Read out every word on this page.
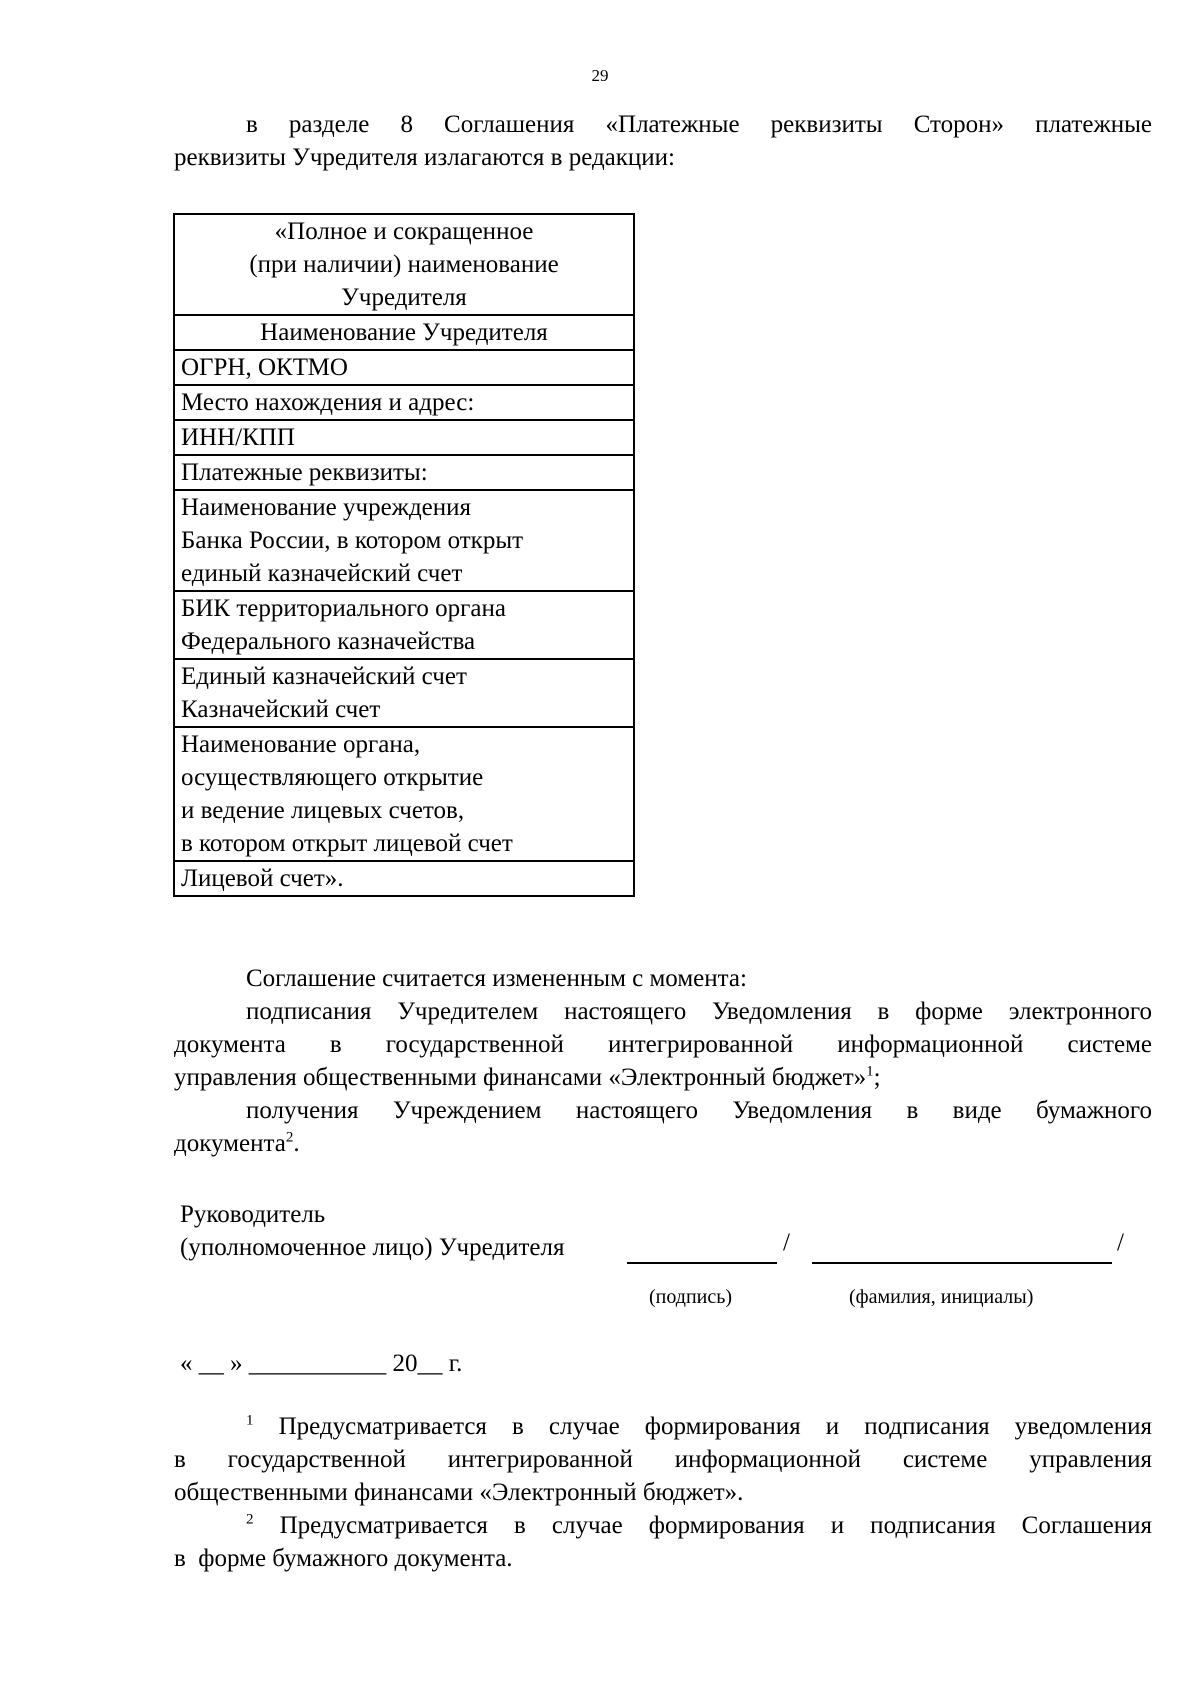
29
в разделе 8 Соглашения «Платежные реквизиты Сторон» платежные
реквизиты Учредителя излагаются в редакции:
«Полное и сокращенное
(при наличии) наименование
Учредителя

Наименование Учредителя
ОГРН, ОКТМО
Место нахождения и адрес:
ИНН/КПП
Платежные реквизиты:

Наименование учреждения
Банка России, в котором открыт
единый казначейский счет

БИК территориального органа
Федерального казначейства

Единый казначейский счет
Казначейский счет

Наименование органа,
осуществляющего открытие
и ведение лицевых счетов,
в котором открыт лицевой счет

Лицевой счет».
Соглашение считается измененным с момента:
подписания Учредителем настоящего Уведомления в форме электронного
документа в государственной интегрированной информационной системе
управления общественными финансами «Электронный бюджет»$^1$;
получения Учреждением настоящего Уведомления в виде бумажного
документа$^2$.
Руководитель
(уполномоченное лицо) Учредителя	/	/
(подпись)	(фамилия, инициалы)
« __ » ___________ 20__ г.
$^1$ Предусматривается в случае формирования и подписания уведомления
в государственной интегрированной информационной системе управления
общественными финансами «Электронный бюджет».
$^2$ Предусматривается в случае формирования и подписания Соглашения
в  форме бумажного документа.
